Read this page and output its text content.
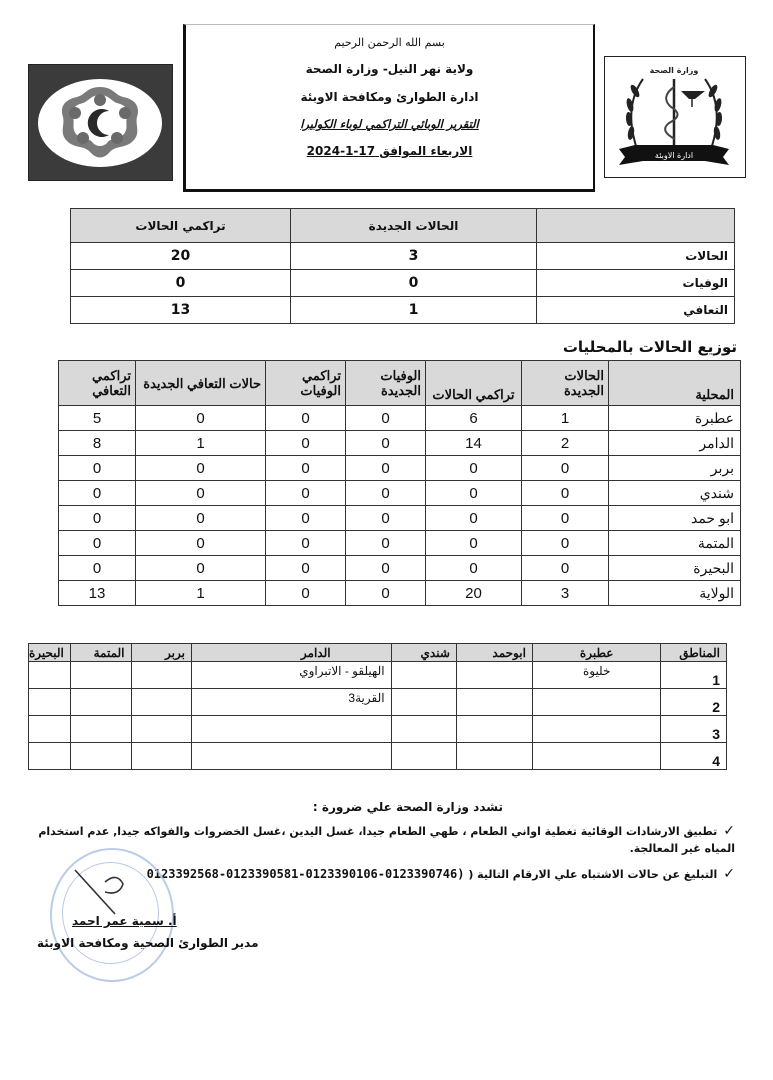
بسم الله الرحمن الرحيم
ولاية نهر النيل- وزارة الصحة
ادارة الطوارئ ومكافحة الاوبئة
التقرير الوبائي التراكمي لوباء الكوليرا
الاربعاء الموافق 17-1-2024	ادارة الاوبئة
وزارة الصحة
	الحالات الجديدة	تراكمي الحالات
الحالات	3	20
الوفيات	0	0
التعافي	1	13
توزيع الحالات بالمحليات
المحلية	الحالات الجديدة	تراكمي الحالات	الوفيات الجديدة	تراكمي الوفيات	حالات التعافي الجديدة	تراكمي التعافي
عطبرة	1	6	0	0	0	5
الدامر	2	14	0	0	1	8
بربر	0	0	0	0	0	0
شندي	0	0	0	0	0	0
ابو حمد	0	0	0	0	0	0
المتمة	0	0	0	0	0	0
البحيرة	0	0	0	0	0	0
الولاية	3	20	0	0	1	13
المناطق	عطبرة	ابوحمد	شندي	الدامر	بربر	المتمة	البحيرة
1	خليوة			الهيلقو - الاتبراوي			
2				القرية3			
3							
4							
تشدد وزارة الصحة علي ضرورة :
✓تطبيق الارشادات الوقائية تغطية اواني الطعام ، طهي الطعام جيدا، غسل اليدين ،غسل الخضروات والفواكه جيدا, عدم استخدام المياه غير المعالجة.
✓التبليغ عن حالات الاشتباه علي الارقام التالية ( 0123392568-0123390581-0123390106-0123390746)
أ. سمية عمر احمد
مدير الطوارئ الصحية ومكافحة الاوبئة
